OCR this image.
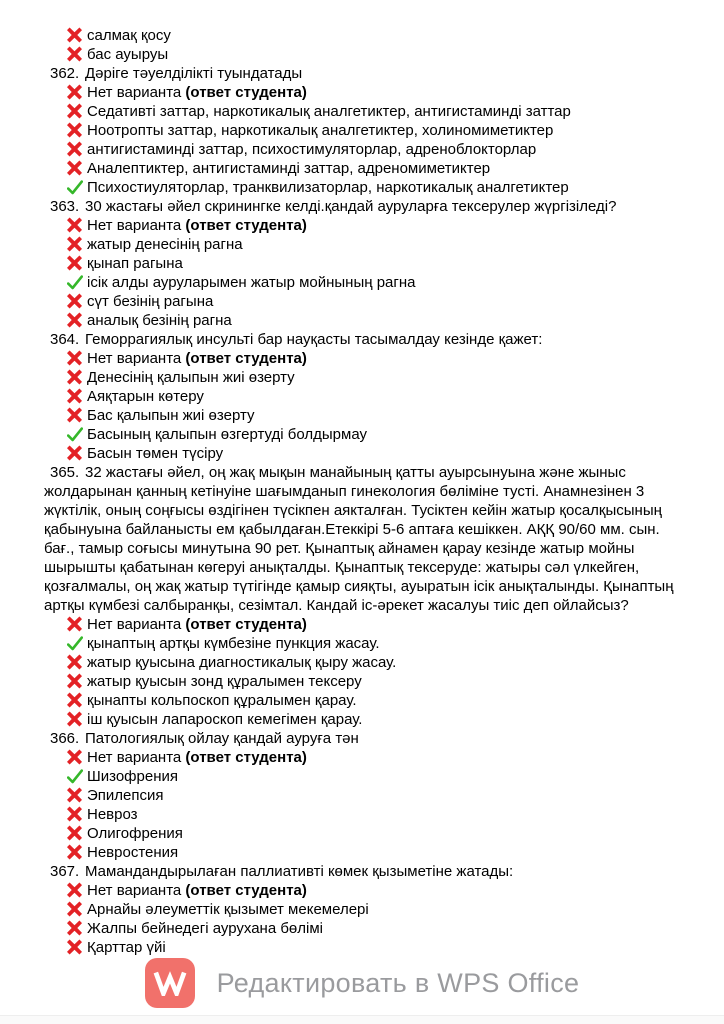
салмақ қосу
бас ауыруы
362. Дәріге тәуелділікті туындатады
Нет варианта (ответ студента)
Седативті заттар, наркотикалық аналгетиктер, антигистаминді заттар
Ноотропты заттар, наркотикалық аналгетиктер, холиномиметиктер
антигистаминді заттар, психостимуляторлар, адреноблокторлар
Аналептиктер, антигистаминді заттар, адреномиметиктер
Психостиуляторлар, транквилизаторлар, наркотикалық аналгетиктер
363. 30 жастағы әйел скринингке келді.қандай ауруларға тексерулер жүргізіледі?
Нет варианта (ответ студента)
жатыр денесінің рагна
қынап рагына
ісік алды ауруларымен жатыр мойнының рагна
сүт безінің рагына
аналық безінің рагна
364. Геморрагиялық инсульті бар науқасты тасымалдау кезінде қажет:
Нет варианта (ответ студента)
Денесінің қалыпын жиі өзерту
Аяқтарын көтеру
Бас қалыпын жиі өзерту
Басының қалыпын өзгертуді болдырмау
Басын төмен түсіру
365. 32 жастағы әйел, оң жақ мықын манайының қатты ауырсынуына және жыныс жолдарынан қанның кетінуіне шағымданып гинекология бөліміне тусті. Анамнезінен 3 жүктілік, оның соңғысы өздігінен түсікпен аякталған. Тусіктен кейін жатыр қосалқысының қабынуына байланысты ем қабылдаған.Етеккірі 5-6 аптаға кешіккен. АҚҚ 90/60 мм. сын. бағ., тамыр соғысы минутына 90 рет. Қынаптық айнамен қарау кезінде жатыр мойны шырышты қабатынан көгеруі анықталды. Қынаптық тексеруде: жатыры сәл үлкейген, қозғалмалы, оң жақ жатыр түтігінде қамыр сияқты, ауыратын ісік анықталынды. Қынаптың артқы күмбезі салбыранқы, сезімтал. Кандай іс-әрекет жасалуы тиіс деп ойлайсыз?
Нет варианта (ответ студента)
қынаптың артқы күмбезіне пункция жасау.
жатыр қуысына диагностикалық қыру жасау.
жатыр қуысын зонд құралымен тексеру
қынапты кольпоскоп құралымен қарау.
іш қуысын лапароскоп кемегімен қарау.
366. Патологиялық ойлау қандай ауруға тән
Нет варианта (ответ студента)
Шизофрения
Эпилепсия
Невроз
Олигофрения
Невростения
367. Мамандандырылаған паллиативті көмек қызыметіне жатады:
Нет варианта (ответ студента)
Арнайы әлеуметтік қызымет мекемелері
Жалпы бейнедегі аурухана бөлімі
Қарттар үйі
Редактировать в WPS Office
